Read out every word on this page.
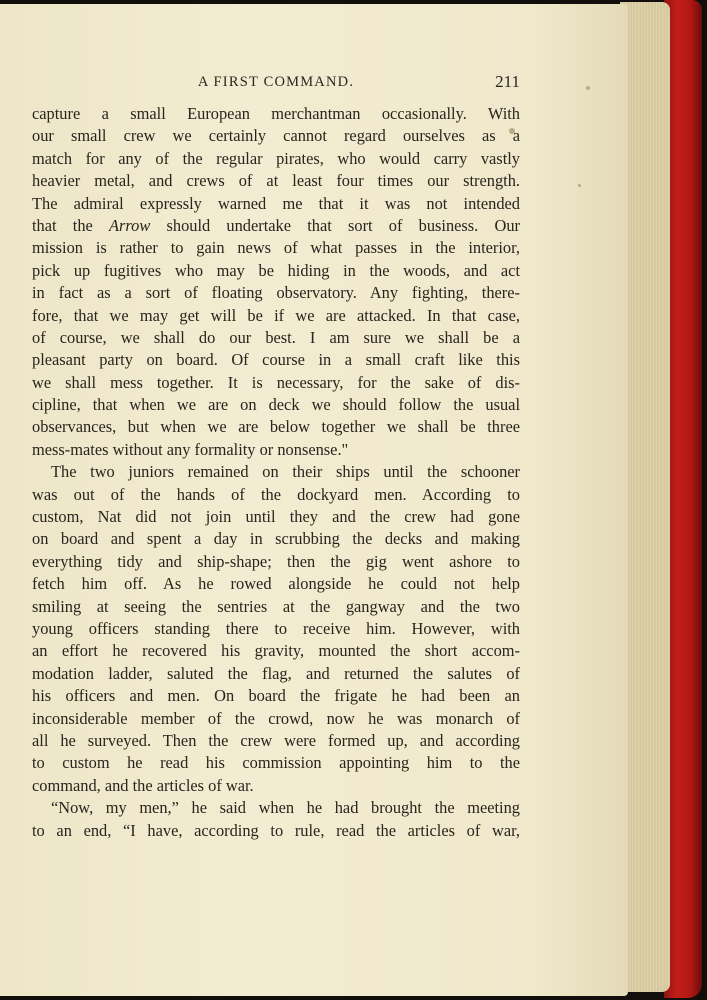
A FIRST COMMAND.	211
capture a small European merchantman occasionally. With
our small crew we certainly cannot regard ourselves as a
match for any of the regular pirates, who would carry vastly
heavier metal, and crews of at least four times our strength.
The admiral expressly warned me that it was not intended
that the Arrow should undertake that sort of business. Our
mission is rather to gain news of what passes in the interior,
pick up fugitives who may be hiding in the woods, and act
in fact as a sort of floating observatory. Any fighting, there-
fore, that we may get will be if we are attacked. In that case,
of course, we shall do our best. I am sure we shall be a
pleasant party on board. Of course in a small craft like this
we shall mess together. It is necessary, for the sake of dis-
cipline, that when we are on deck we should follow the usual
observances, but when we are below together we shall be three
mess-mates without any formality or nonsense."
The two juniors remained on their ships until the schooner
was out of the hands of the dockyard men. According to
custom, Nat did not join until they and the crew had gone
on board and spent a day in scrubbing the decks and making
everything tidy and ship-shape; then the gig went ashore to
fetch him off. As he rowed alongside he could not help
smiling at seeing the sentries at the gangway and the two
young officers standing there to receive him. However, with
an effort he recovered his gravity, mounted the short accom-
modation ladder, saluted the flag, and returned the salutes of
his officers and men. On board the frigate he had been an
inconsiderable member of the crowd, now he was monarch of
all he surveyed. Then the crew were formed up, and according
to custom he read his commission appointing him to the
command, and the articles of war.
“Now, my men,” he said when he had brought the meeting
to an end, “I have, according to rule, read the articles of war,
